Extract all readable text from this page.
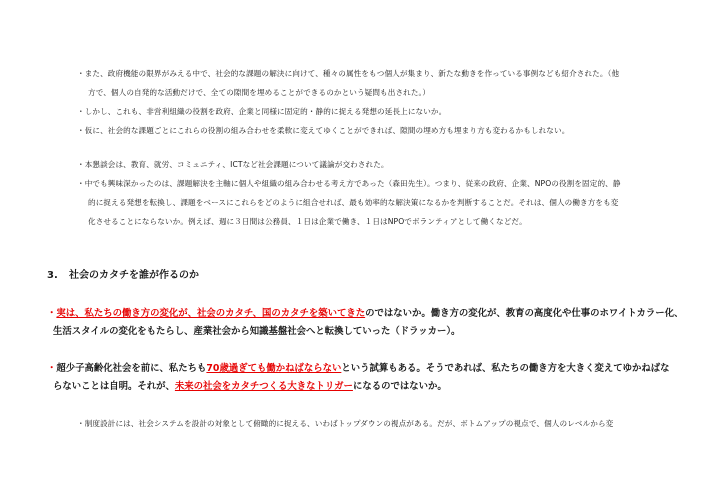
・また、政府機能の限界がみえる中で、社会的な課題の解決に向けて、種々の属性をもつ個人が集まり、新たな動きを作っている事例なども紹介された。（他
方で、個人の自発的な活動だけで、全ての隙間を埋めることができるのかという疑問も出された。）
・しかし、これも、非営利組織の役割を政府、企業と同様に固定的・静的に捉える発想の延長上にないか。
・仮に、社会的な課題ごとにこれらの役割の組み合わせを柔軟に変えてゆくことができれば、隙間の埋め方も埋まり方も変わるかもしれない。
・本懇談会は、教育、就労、コミュニティ、ICTなど社会課題について議論が交わされた。
・中でも興味深かったのは、課題解決を主軸に個人や組織の組み合わせる考え方であった（森田先生）。つまり、従来の政府、企業、NPOの役割を固定的、静
的に捉える発想を転換し、課題をベースにこれらをどのように組合せれば、最も効率的な解決策になるかを判断することだ。それは、個人の働き方をも変
化させることにならないか。例えば、週に３日間は公務員、１日は企業で働き、１日はNPOでボランティアとして働くなどだ。
3. 社会のカタチを誰が作るのか
・実は、私たちの働き方の変化が、社会のカタチ、国のカタチを築いてきたのではないか。働き方の変化が、教育の高度化や仕事のホワイトカラー化、
生活スタイルの変化をもたらし、産業社会から知識基盤社会へと転換していった（ドラッカー）。
・超少子高齢化社会を前に、私たちも70歳過ぎても働かねばならないという試算もある。そうであれば、私たちの働き方を大きく変えてゆかねばな
らないことは自明。それが、未来の社会をカタチつくる大きなトリガーになるのではないか。
・制度設計には、社会システムを設計の対象として俯瞰的に捉える、いわばトップダウンの視点がある。だが、ボトムアップの視点で、個人のレベルから変
